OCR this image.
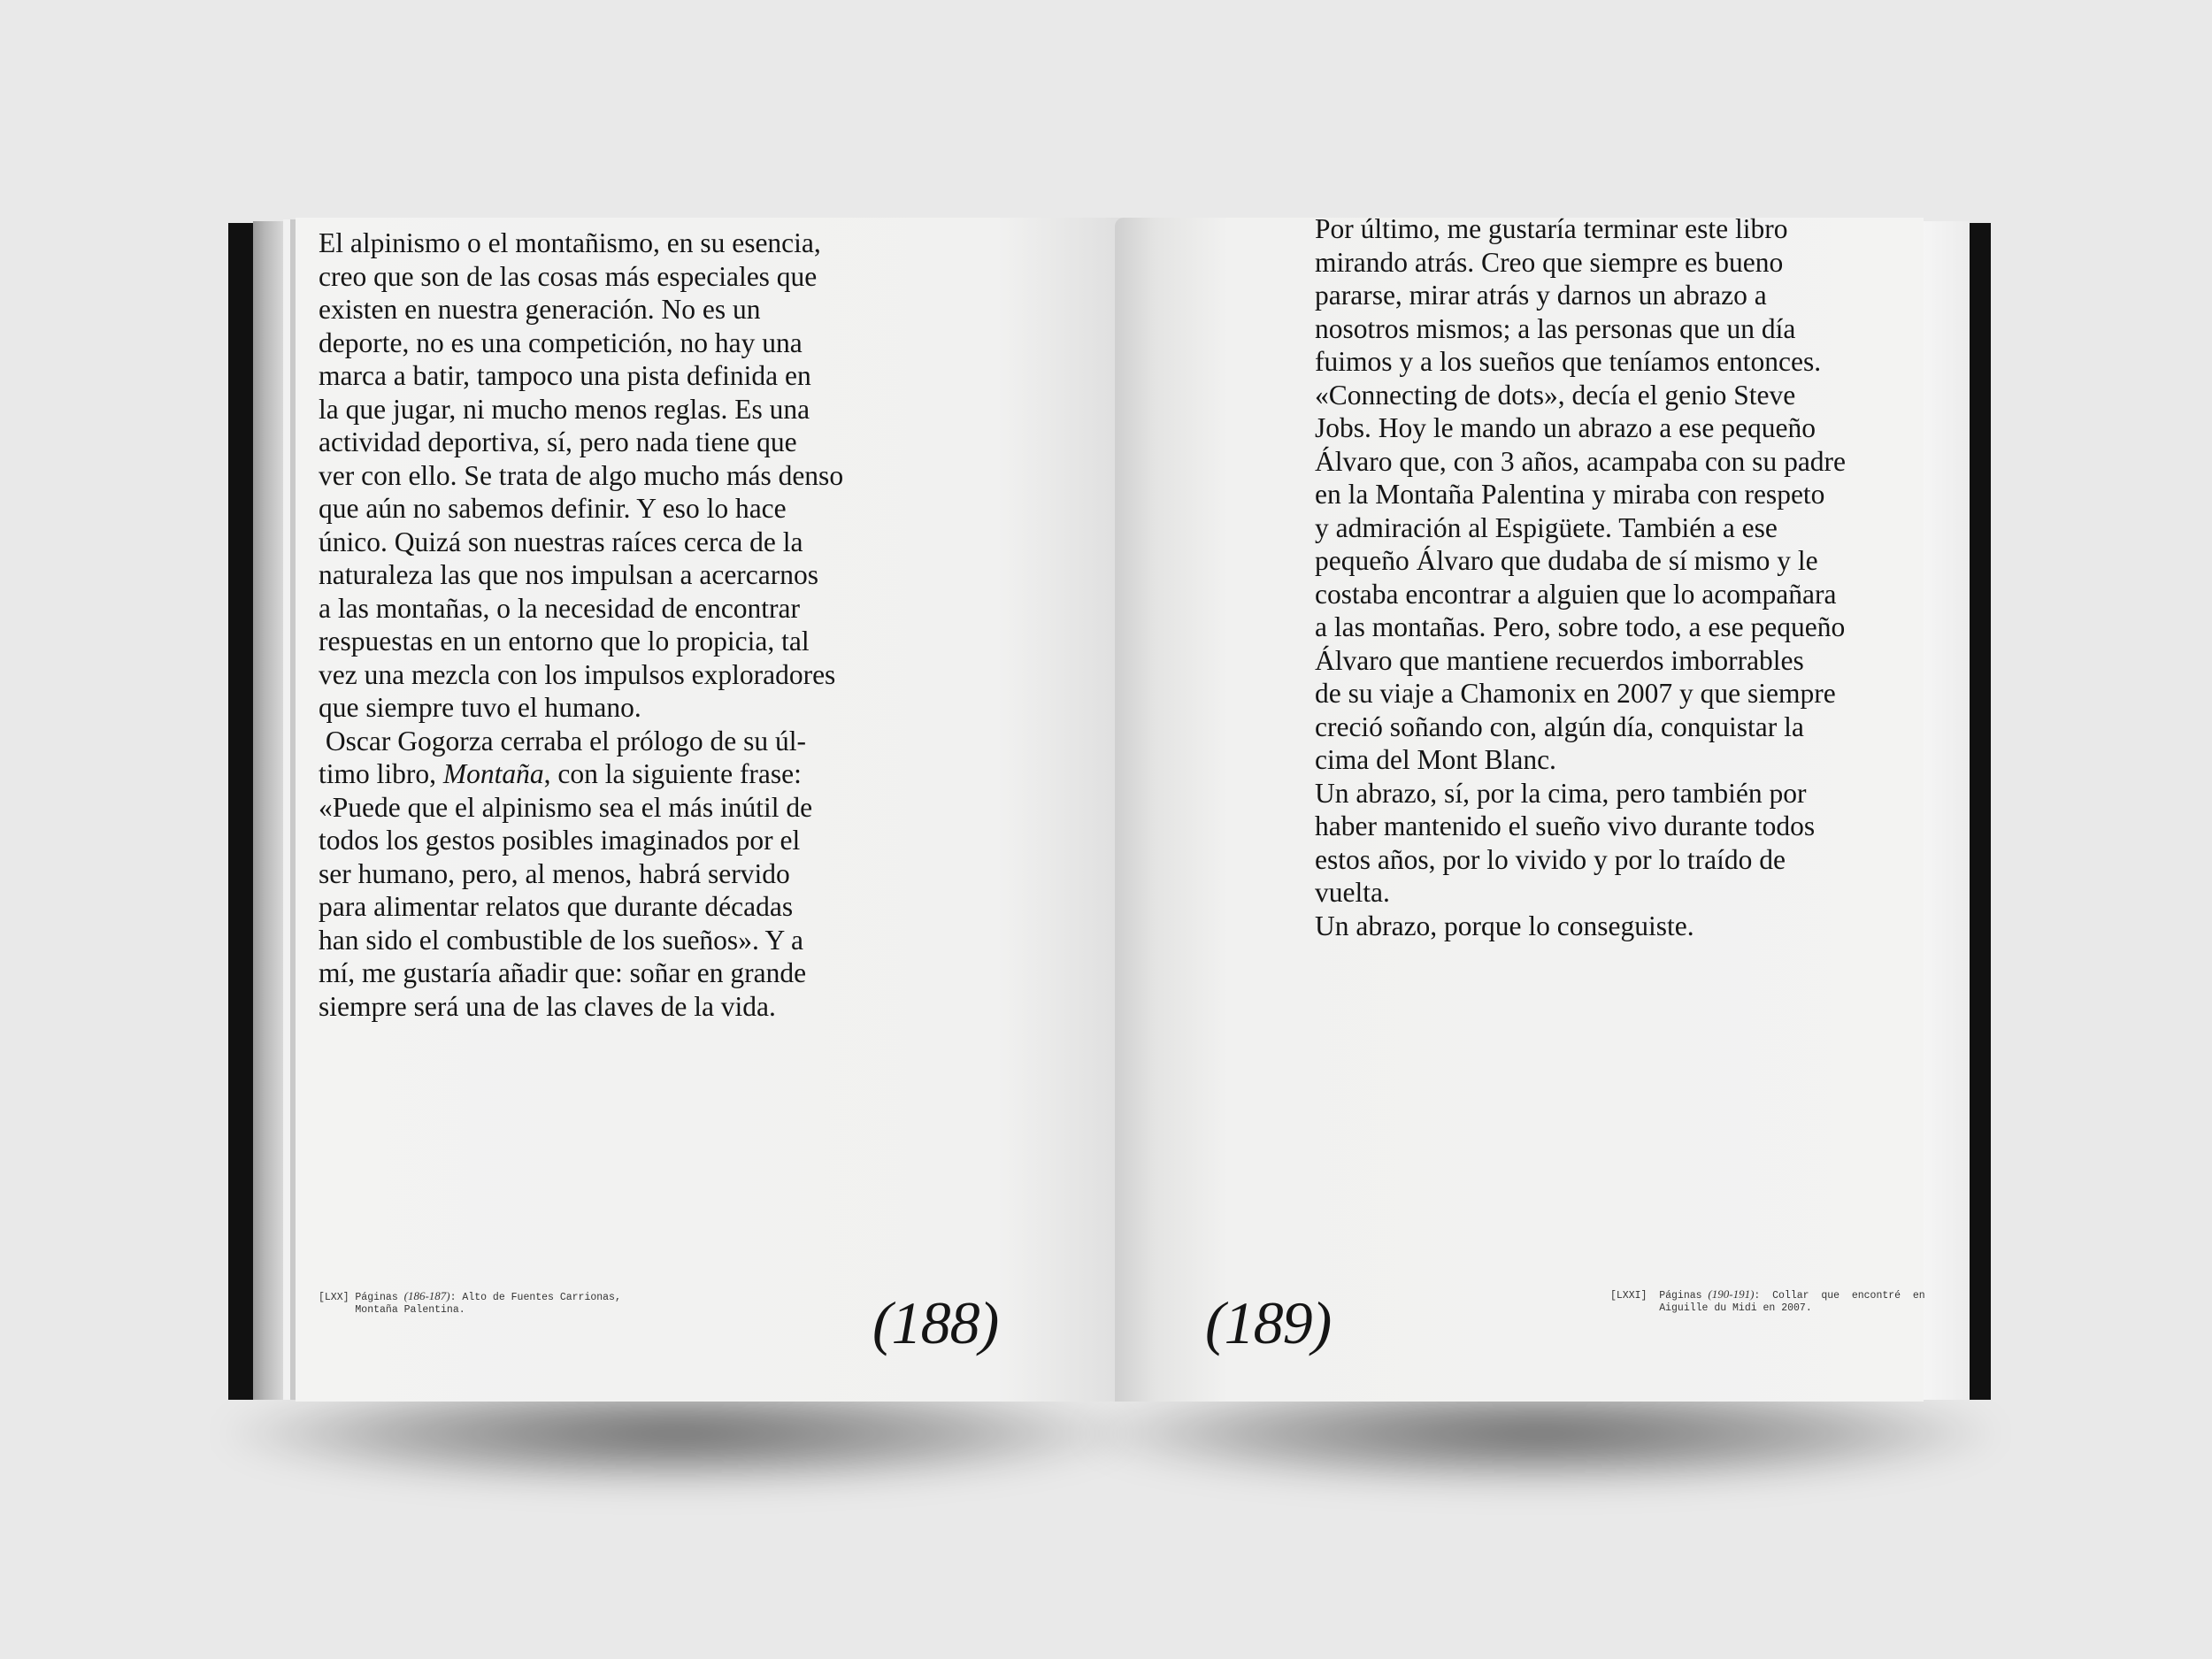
El alpinismo o el montañismo, en su esencia,
creo que son de las cosas más especiales que
existen en nuestra generación. No es un
deporte, no es una competición, no hay una
marca a batir, tampoco una pista definida en
la que jugar, ni mucho menos reglas. Es una
actividad deportiva, sí, pero nada tiene que
ver con ello. Se trata de algo mucho más denso
que aún no sabemos definir. Y eso lo hace
único. Quizá son nuestras raíces cerca de la
naturaleza las que nos impulsan a acercarnos
a las montañas, o la necesidad de encontrar
respuestas en un entorno que lo propicia, tal
vez una mezcla con los impulsos exploradores
que siempre tuvo el humano.
Oscar Gogorza cerraba el prólogo de su úl-
timo libro, Montaña, con la siguiente frase:
«Puede que el alpinismo sea el más inútil de
todos los gestos posibles imaginados por el
ser humano, pero, al menos, habrá servido
para alimentar relatos que durante décadas
han sido el combustible de los sueños». Y a
mí, me gustaría añadir que: soñar en grande
siempre será una de las claves de la vida.
[LXX] Páginas (186-187): Alto de Fuentes Carrionas,
Montaña Palentina.	(188)
Por último, me gustaría terminar este libro
mirando atrás. Creo que siempre es bueno
pararse, mirar atrás y darnos un abrazo a
nosotros mismos; a las personas que un día
fuimos y a los sueños que teníamos entonces.
«Connecting de dots», decía el genio Steve
Jobs. Hoy le mando un abrazo a ese pequeño
Álvaro que, con 3 años, acampaba con su padre
en la Montaña Palentina y miraba con respeto
y admiración al Espigüete. También a ese
pequeño Álvaro que dudaba de sí mismo y le
costaba encontrar a alguien que lo acompañara
a las montañas. Pero, sobre todo, a ese pequeño
Álvaro que mantiene recuerdos imborrables
de su viaje a Chamonix en 2007 y que siempre
creció soñando con, algún día, conquistar la
cima del Mont Blanc.
Un abrazo, sí, por la cima, pero también por
haber mantenido el sueño vivo durante todos
estos años, por lo vivido y por lo traído de
vuelta.
Un abrazo, porque lo conseguiste.
[LXXI]  Páginas (190-191):  Collar  que  encontré  en
Aiguille du Midi en 2007.
(189)
